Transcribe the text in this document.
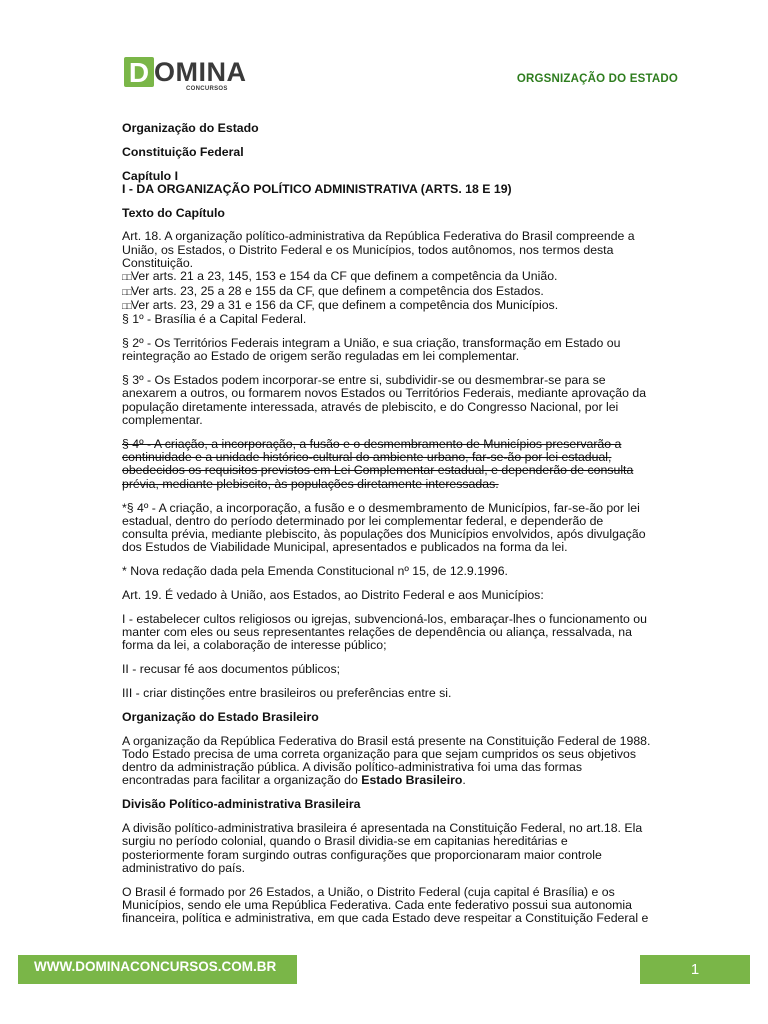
D OMINA
CONCURSOS
ORGSNIZAÇÃO DO ESTADO

Organização do Estado

Constituição Federal

Capítulo I
I - DA ORGANIZAÇÃO POLÍTICO ADMINISTRATIVA (ARTS. 18 E 19)

Texto do Capítulo

Art. 18. A organização político-administrativa da República Federativa do Brasil compreende a União, os Estados, o Distrito Federal e os Municípios, todos autônomos, nos termos desta Constituição.
□□Ver arts. 21 a 23, 145, 153 e 154 da CF que definem a competência da União.
□□Ver arts. 23, 25 a 28 e 155 da CF, que definem a competência dos Estados.
□□Ver arts. 23, 29 a 31 e 156 da CF, que definem a competência dos Municípios.
§ 1º - Brasília é a Capital Federal.

§ 2º - Os Territórios Federais integram a União, e sua criação, transformação em Estado ou reintegração ao Estado de origem serão reguladas em lei complementar.

§ 3º - Os Estados podem incorporar-se entre si, subdividir-se ou desmembrar-se para se anexarem a outros, ou formarem novos Estados ou Territórios Federais, mediante aprovação da população diretamente interessada, através de plebiscito, e do Congresso Nacional, por lei complementar.

§ 4º - A criação, a incorporação, a fusão e o desmembramento de Municípios preservarão a continuidade e a unidade histórico-cultural do ambiente urbano, far-se-ão por lei estadual, obedecidos os requisitos previstos em Lei Complementar estadual, e dependerão de consulta prévia, mediante plebiscito, às populações diretamente interessadas.

*§ 4º - A criação, a incorporação, a fusão e o desmembramento de Municípios, far-se-ão por lei estadual, dentro do período determinado por lei complementar federal, e dependerão de consulta prévia, mediante plebiscito, às populações dos Municípios envolvidos, após divulgação dos Estudos de Viabilidade Municipal, apresentados e publicados na forma da lei.

* Nova redação dada pela Emenda Constitucional nº 15, de 12.9.1996.

Art. 19. É vedado à União, aos Estados, ao Distrito Federal e aos Municípios:

I - estabelecer cultos religiosos ou igrejas, subvencioná-los, embaraçar-lhes o funcionamento ou manter com eles ou seus representantes relações de dependência ou aliança, ressalvada, na forma da lei, a colaboração de interesse público;

II - recusar fé aos documentos públicos;

III - criar distinções entre brasileiros ou preferências entre si.

Organização do Estado Brasileiro

A organização da República Federativa do Brasil está presente na Constituição Federal de 1988. Todo Estado precisa de uma correta organização para que sejam cumpridos os seus objetivos dentro da administração pública. A divisão político-administrativa foi uma das formas encontradas para facilitar a organização do Estado Brasileiro.

Divisão Político-administrativa Brasileira

A divisão político-administrativa brasileira é apresentada na Constituição Federal, no art.18. Ela surgiu no período colonial, quando o Brasil dividia-se em capitanias hereditárias e posteriormente foram surgindo outras configurações que proporcionaram maior controle administrativo do país.

O Brasil é formado por 26 Estados, a União, o Distrito Federal (cuja capital é Brasília) e os Municípios, sendo ele uma República Federativa. Cada ente federativo possui sua autonomia financeira, política e administrativa, em que cada Estado deve respeitar a Constituição Federal e

WWW.DOMINACONCURSOS.COM.BR	1
